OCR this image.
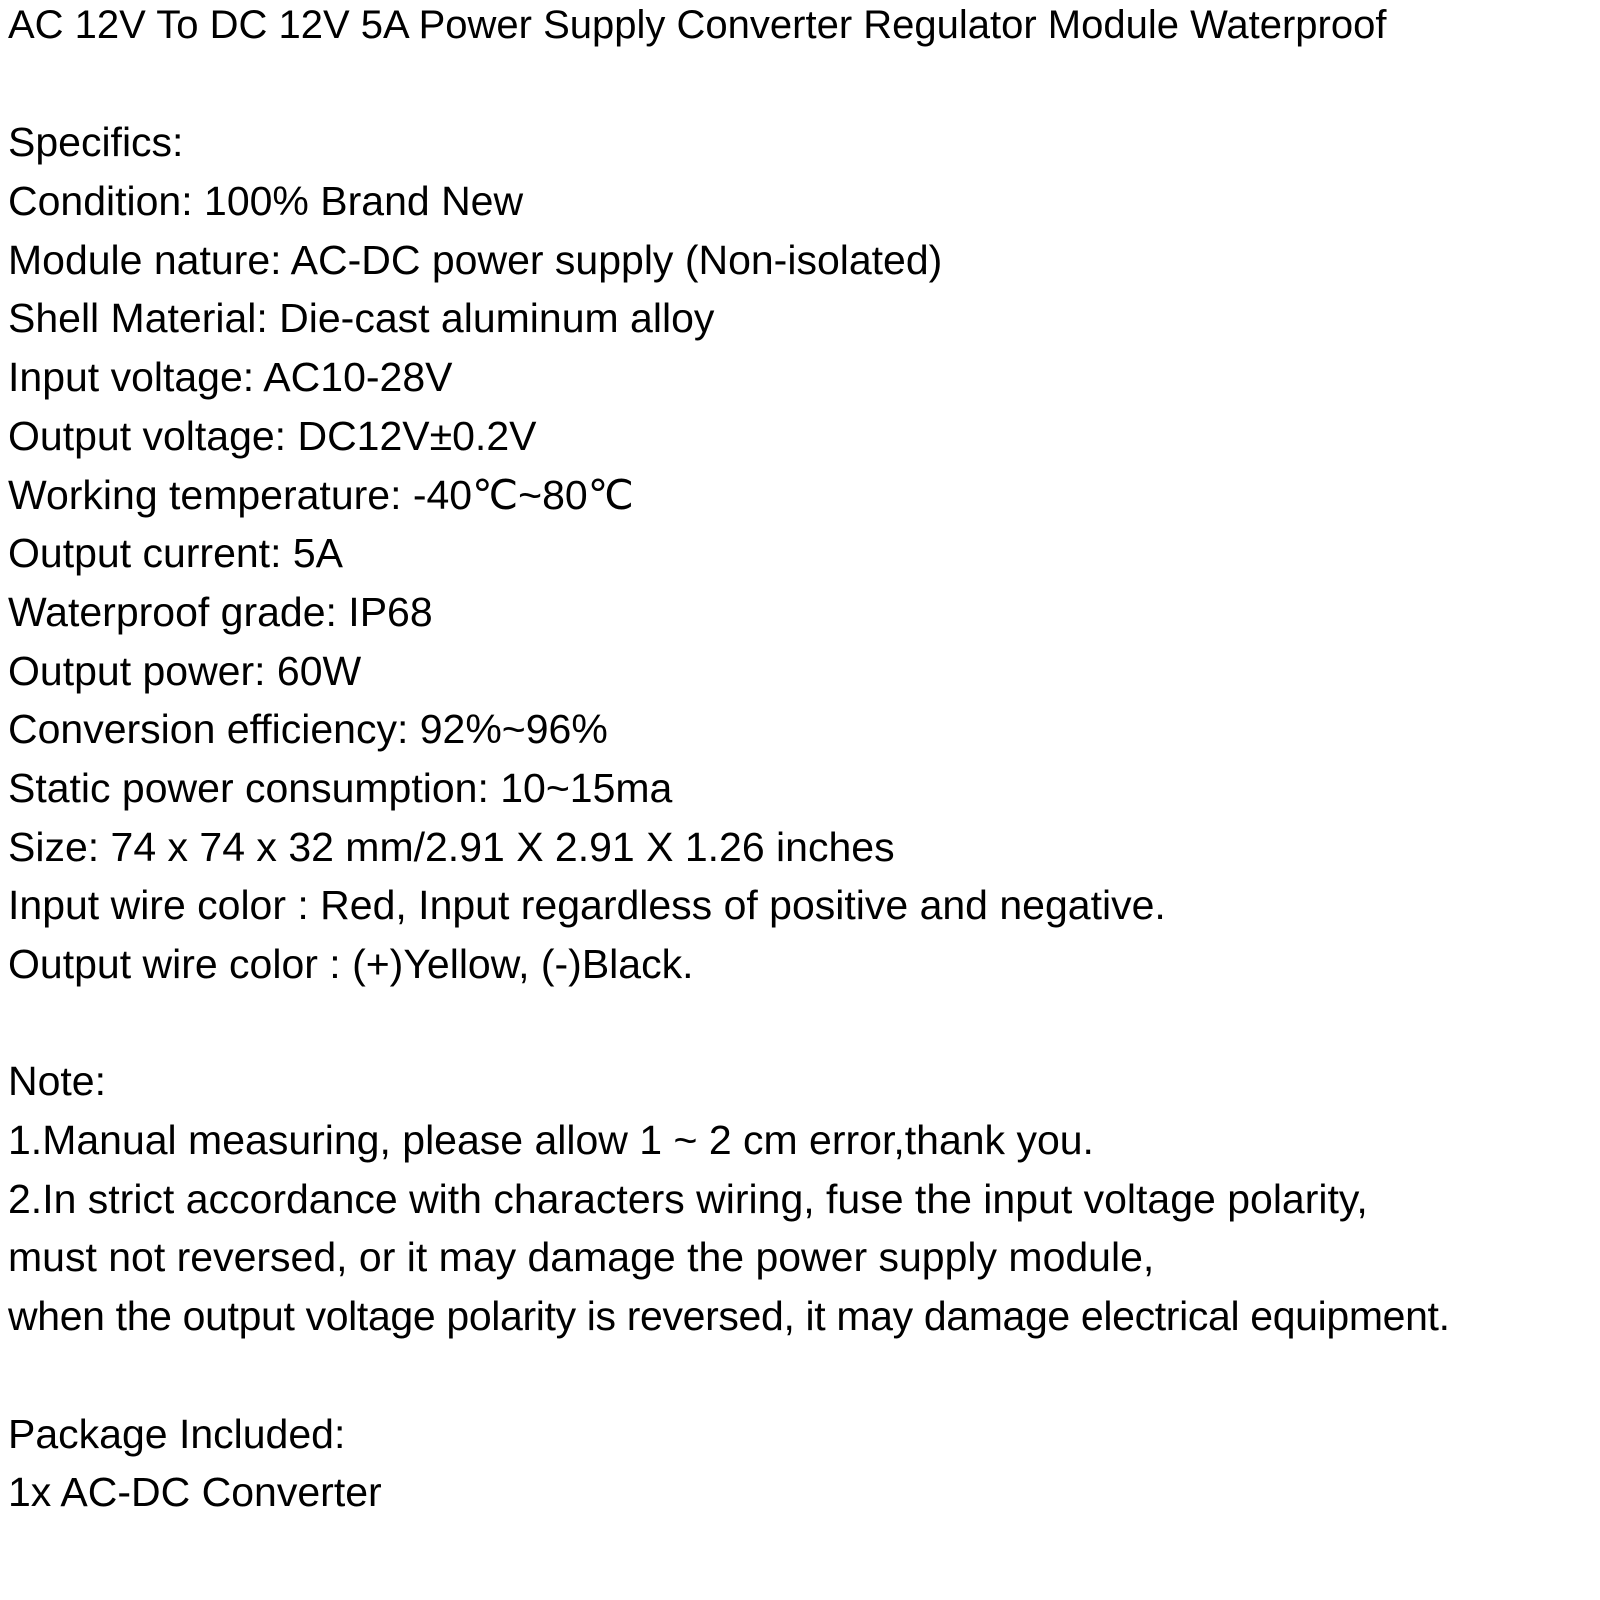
AC 12V To DC 12V 5A Power Supply Converter Regulator Module Waterproof
Specifics:
Condition: 100% Brand New
Module nature: AC-DC power supply (Non-isolated)
Shell Material: Die-cast aluminum alloy
Input voltage: AC10-28V
Output voltage: DC12V±0.2V
Working temperature: -40℃~80℃
Output current: 5A
Waterproof grade: IP68
Output power: 60W
Conversion efficiency: 92%~96%
Static power consumption: 10~15ma
Size: 74 x 74 x 32 mm/2.91 X 2.91 X 1.26 inches
Input wire color : Red, Input regardless of positive and negative.
Output wire color : (+)Yellow, (-)Black.
Note:
1.Manual measuring, please allow 1 ~ 2 cm error,thank you.
2.In strict accordance with characters wiring, fuse the input voltage polarity,
must not reversed, or it may damage the power supply module,
when the output voltage polarity is reversed, it may damage electrical equipment.
Package Included:
1x AC-DC Converter
